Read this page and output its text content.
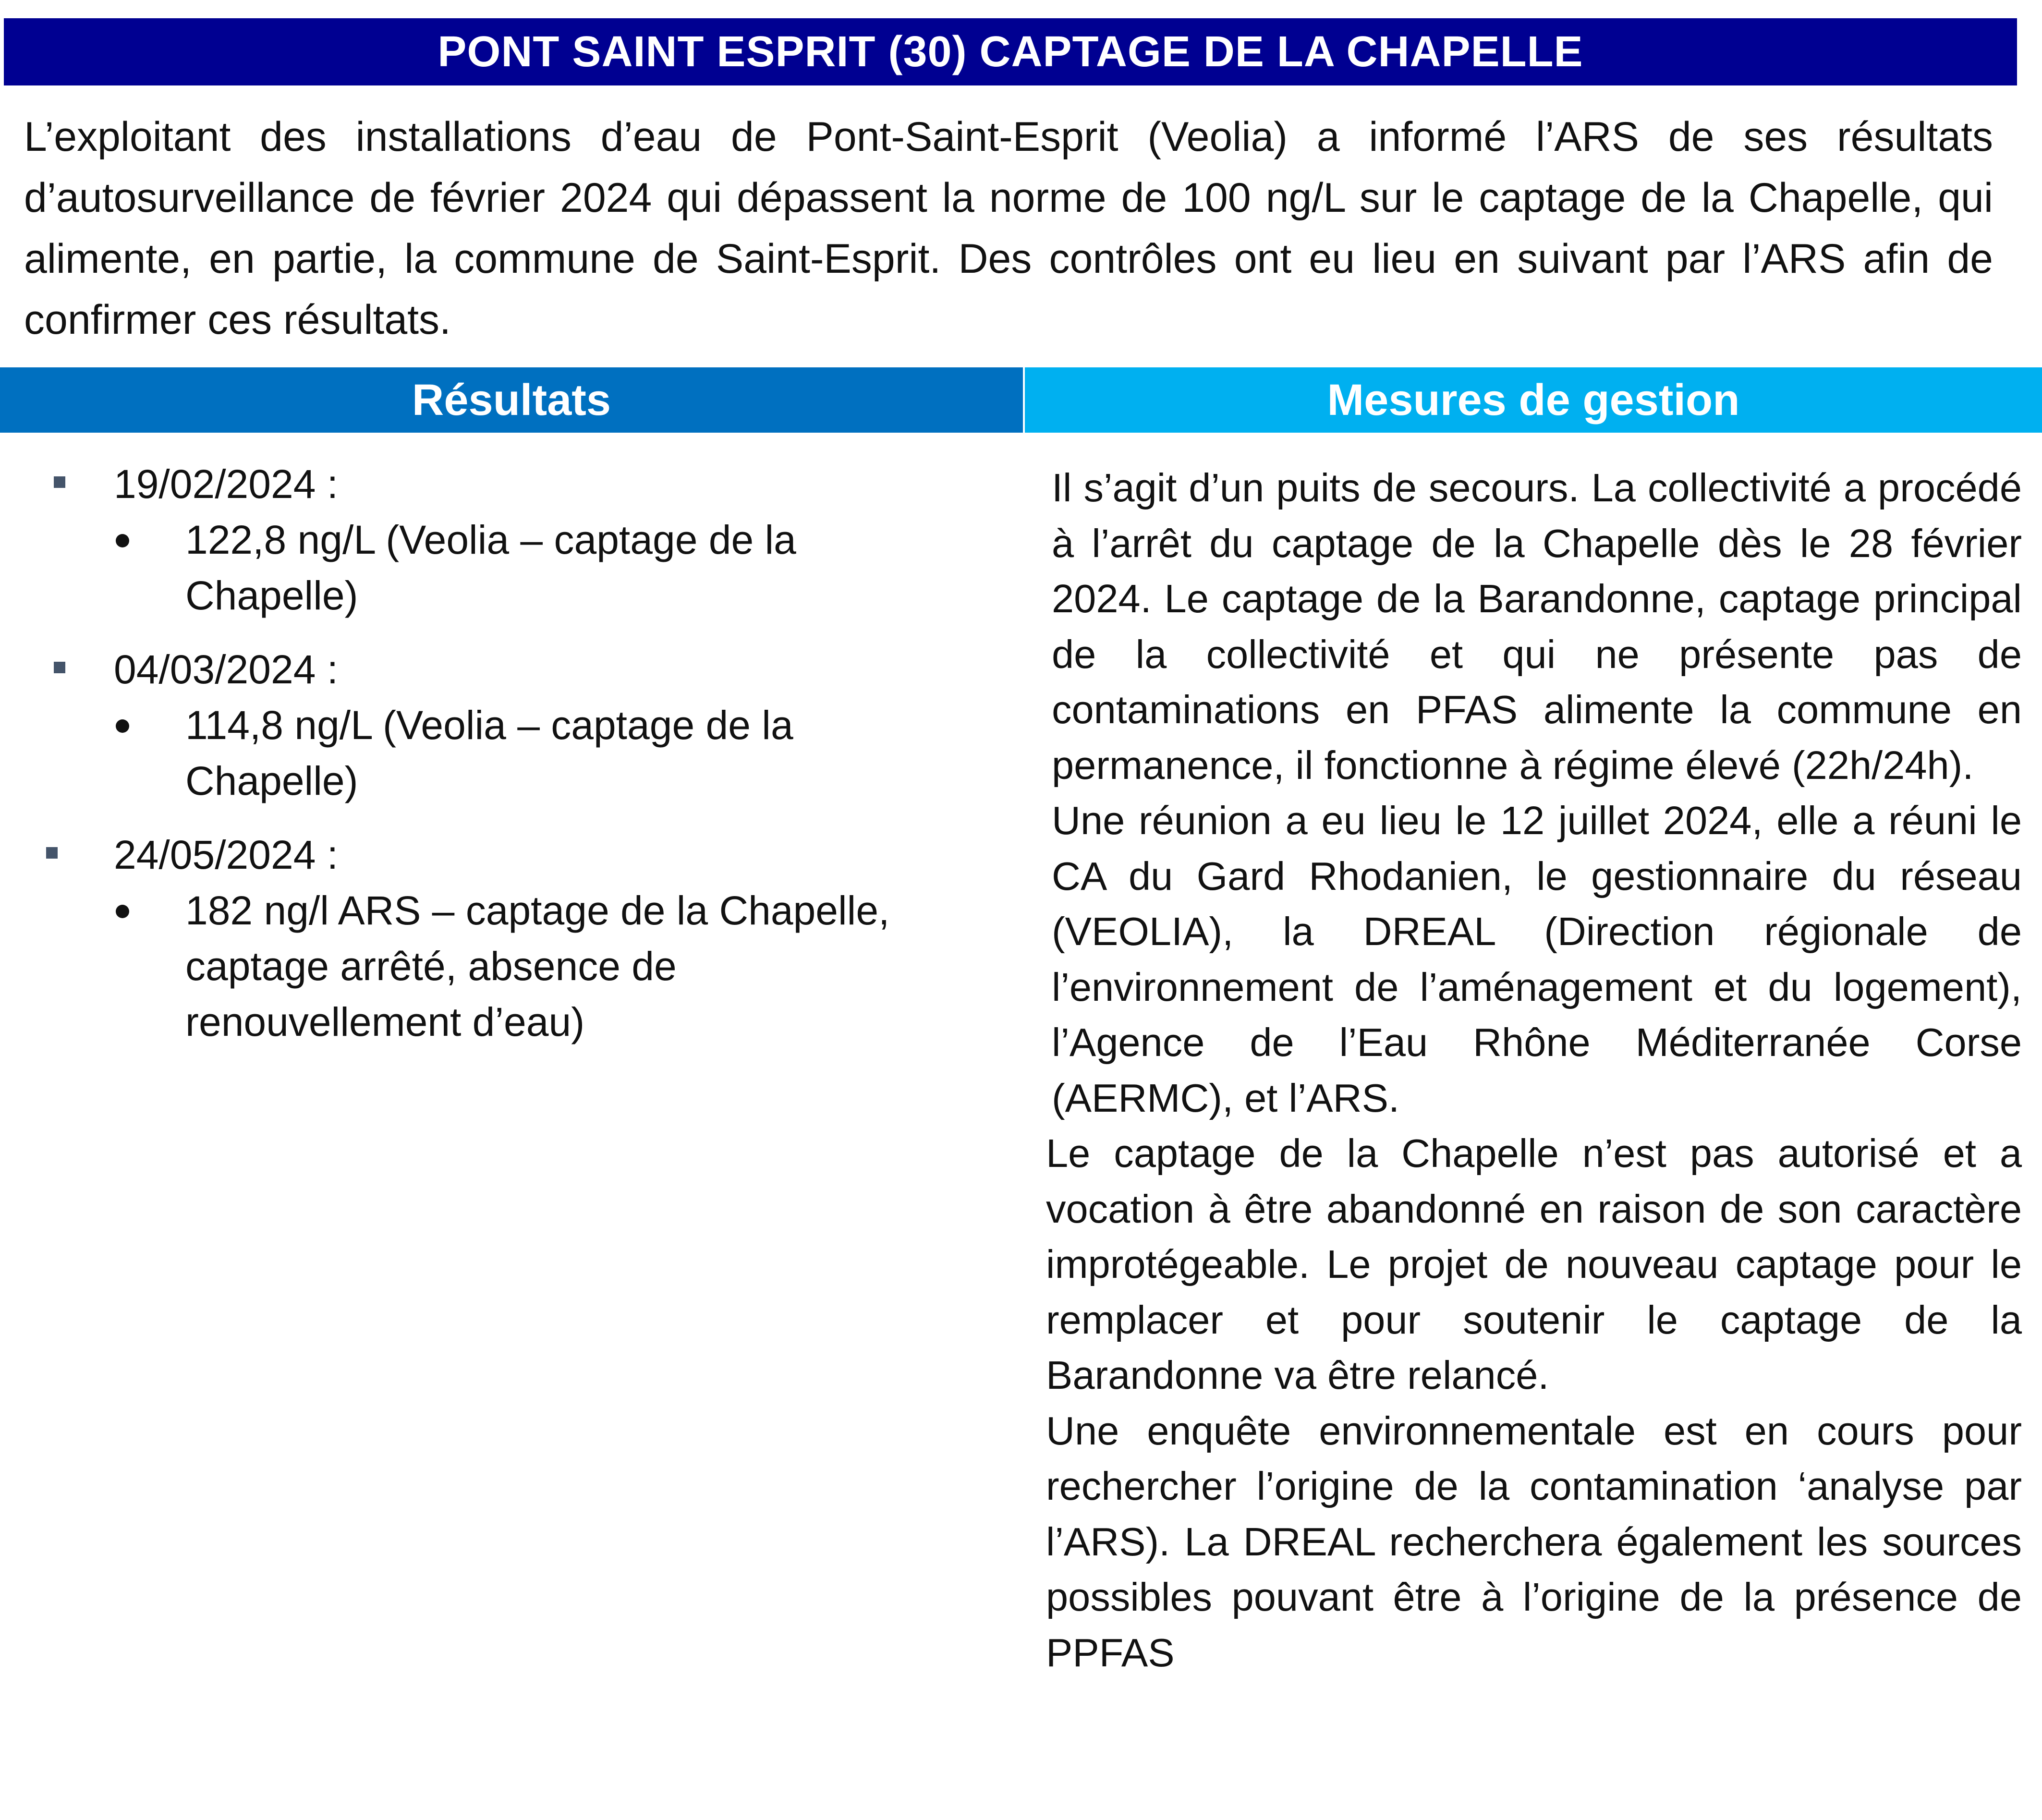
PONT SAINT ESPRIT (30) CAPTAGE DE LA CHAPELLE
L’exploitant des installations d’eau de Pont-Saint-Esprit (Veolia) a informé l’ARS de ses résultats d’autosurveillance de février 2024 qui dépassent la norme de 100 ng/L sur le captage de la Chapelle, qui alimente, en partie, la commune de Saint-Esprit. Des contrôles ont eu lieu en suivant par l’ARS afin de confirmer ces résultats.
Résultats	Mesures de gestion
19/02/2024 :
122,8 ng/L (Veolia – captage de la Chapelle)
04/03/2024 :
114,8 ng/L (Veolia – captage de la Chapelle)
24/05/2024 :
182 ng/l ARS – captage de la Chapelle, captage arrêté, absence de renouvellement d’eau)

Il s’agit d’un puits de secours. La collectivité a procédé à l’arrêt du captage de la Chapelle dès le 28 février 2024. Le captage de la Barandonne, captage principal de la collectivité et qui ne présente pas de contaminations en PFAS alimente la commune en permanence, il fonctionne à régime élevé (22h/24h).

Une réunion a eu lieu le 12 juillet 2024, elle a réuni le CA du Gard Rhodanien, le gestionnaire du réseau (VEOLIA), la DREAL (Direction régionale de l’environnement de l’aménagement et du logement), l’Agence de l’Eau Rhône Méditerranée Corse (AERMC), et l’ARS.

Le captage de la Chapelle n’est pas autorisé et a vocation à être abandonné en raison de son caractère improtégeable. Le projet de nouveau captage pour le remplacer et pour soutenir le captage de la Barandonne va être relancé.

Une enquête environnementale est en cours pour rechercher l’origine de la contamination ‘analyse par l’ARS). La DREAL recherchera également les sources possibles pouvant être à l’origine de la présence de PPFAS
